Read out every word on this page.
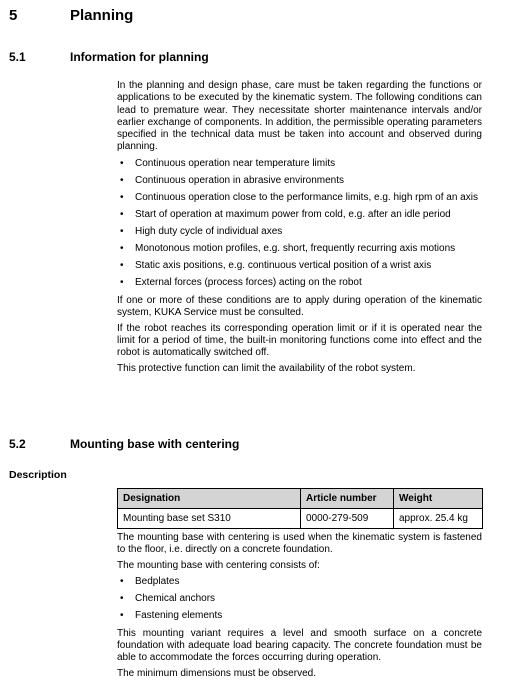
5	Planning
5.1	Information for planning

In the planning and design phase, care must be taken regarding the functions or applications to be executed by the kinematic system. The following conditions can lead to premature wear. They necessitate shorter maintenance intervals and/or earlier exchange of components. In addition, the permissible operating parameters specified in the technical data must be taken into account and observed during planning.

• Continuous operation near temperature limits
• Continuous operation in abrasive environments
• Continuous operation close to the performance limits, e.g. high rpm of an axis
• Start of operation at maximum power from cold, e.g. after an idle period
• High duty cycle of individual axes
• Monotonous motion profiles, e.g. short, frequently recurring axis motions
• Static axis positions, e.g. continuous vertical position of a wrist axis
• External forces (process forces) acting on the robot

If one or more of these conditions are to apply during operation of the kinematic system, KUKA Service must be consulted.

If the robot reaches its corresponding operation limit or if it is operated near the limit for a period of time, the built-in monitoring functions come into effect and the robot is automatically switched off.

This protective function can limit the availability of the robot system.

5.2	Mounting base with centering
Description
Designation	Article number	Weight
Mounting base set S310	0000-279-509	approx. 25.4 kg

The mounting base with centering is used when the kinematic system is fastened to the floor, i.e. directly on a concrete foundation.

The mounting base with centering consists of:

• Bedplates
• Chemical anchors
• Fastening elements

This mounting variant requires a level and smooth surface on a concrete foundation with adequate load bearing capacity. The concrete foundation must be able to accommodate the forces occurring during operation.

The minimum dimensions must be observed.
